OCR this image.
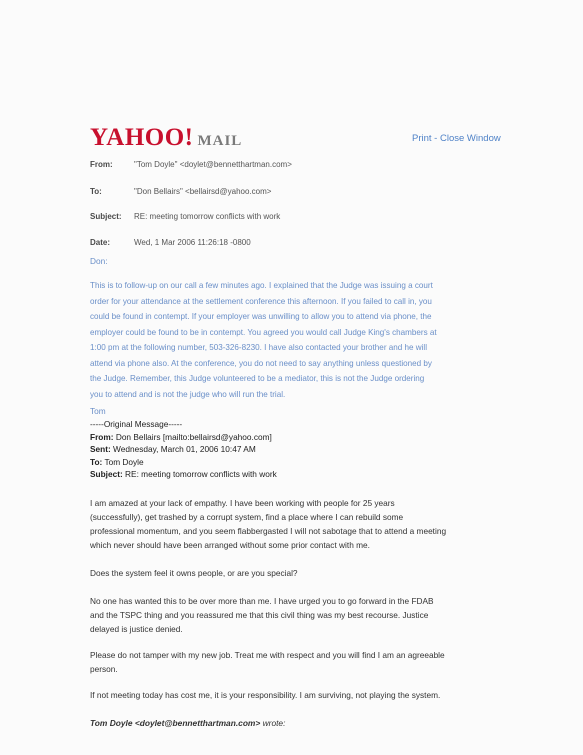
YAHOO! MAIL	Print - Close Window
From:	"Tom Doyle" <doylet@bennetthartman.com>
To:	"Don Bellairs" <bellairsd@yahoo.com>
Subject:	RE: meeting tomorrow conflicts with work
Date:	Wed, 1 Mar 2006 11:26:18 -0800
Don:
This is to follow-up on our call a few minutes ago. I explained that the Judge was issuing a court
order for your attendance at the settlement conference this afternoon. If you failed to call in, you
could be found in contempt. If your employer was unwilling to allow you to attend via phone, the
employer could be found to be in contempt. You agreed you would call Judge King's chambers at
1:00 pm at the following number, 503-326-8230. I have also contacted your brother and he will
attend via phone also. At the conference, you do not need to say anything unless questioned by
the Judge. Remember, this Judge volunteered to be a mediator, this is not the Judge ordering
you to attend and is not the judge who will run the trial.
Tom
-----Original Message-----
From: Don Bellairs [mailto:bellairsd@yahoo.com]
Sent: Wednesday, March 01, 2006 10:47 AM
To: Tom Doyle
Subject: RE: meeting tomorrow conflicts with work

I am amazed at your lack of empathy. I have been working with people for 25 years

(successfully), get trashed by a corrupt system, find a place where I can rebuild some

professional momentum, and you seem flabbergasted I will not sabotage that to attend a meeting

which never should have been arranged without some prior contact with me.

Does the system feel it owns people, or are you special?

No one has wanted this to be over more than me. I have urged you to go forward in the FDAB

and the TSPC thing and you reassured me that this civil thing was my best recourse. Justice

delayed is justice denied.

Please do not tamper with my new job. Treat me with respect and you will find I am an agreeable

person.

If not meeting today has cost me, it is your responsibility. I am surviving, not playing the system.
Tom Doyle <doylet@bennetthartman.com> wrote:
